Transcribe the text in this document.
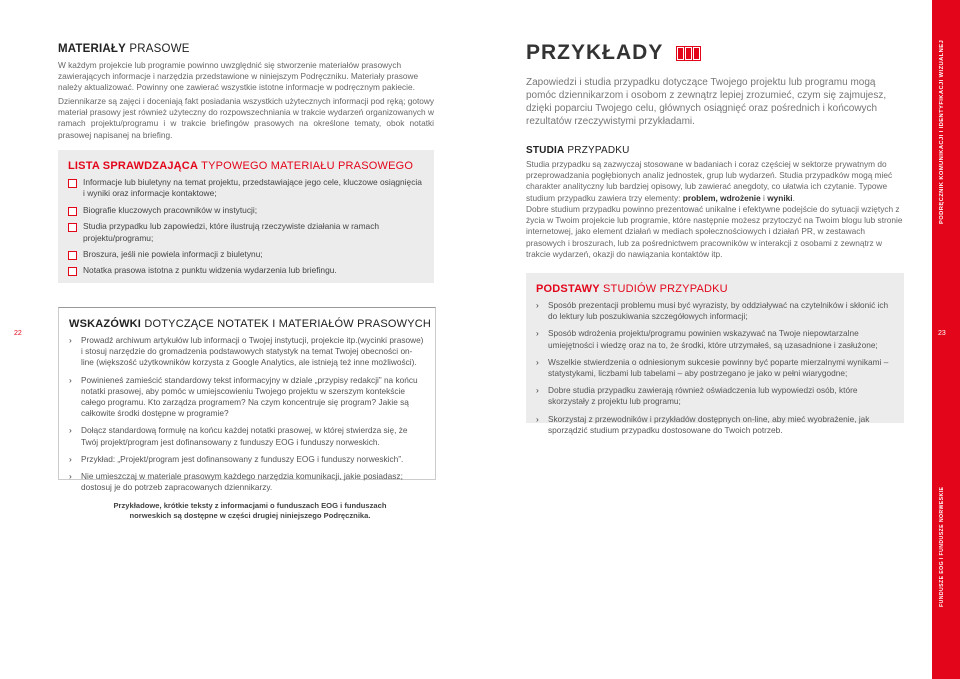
MATERIAŁY PRASOWE

W każdym projekcie lub programie powinno uwzględnić się stworzenie materiałów prasowych zawierających informacje i narzędzia przedstawione w niniejszym Podręczniku. Materiały prasowe należy aktualizować. Powinny one zawierać wszystkie istotne informacje w podręcznym pakiecie.

Dziennikarze są zajęci i doceniają fakt posiadania wszystkich użytecznych informacji pod ręką; gotowy materiał prasowy jest również użyteczny do rozpowszechniania w trakcie wydarzeń organizowanych w ramach projektu/programu i w trakcie briefingów prasowych na określone tematy, obok notatki prasowej napisanej na briefing.

LISTA SPRAWDZAJĄCA TYPOWEGO MATERIAŁU PRASOWEGO
Informacje lub biuletyny na temat projektu, przedstawiające jego cele, kluczowe osiągnięcia i wyniki oraz informacje kontaktowe;
Biografie kluczowych pracowników w instytucji;
Studia przypadku lub zapowiedzi, które ilustrują rzeczywiste działania w ramach projektu/programu;
Broszura, jeśli nie powiela informacji z biuletynu;
Notatka prasowa istotna z punktu widzenia wydarzenia lub briefingu.
WSKAZÓWKI DOTYCZĄCE NOTATEK I MATERIAŁÓW PRASOWYCH
›	Prowadź archiwum artykułów lub informacji o Twojej instytucji, projekcie itp.(wycinki prasowe) i stosuj narzędzie do gromadzenia podstawowych statystyk na temat Twojej obecności on-line (większość użytkowników korzysta z Google Analytics, ale istnieją też inne możliwości).
›	Powinieneś zamieścić standardowy tekst informacyjny w dziale „przypisy redakcji” na końcu notatki prasowej, aby pomóc w umiejscowieniu Twojego projektu w szerszym kontekście całego programu. Kto zarządza programem? Na czym koncentruje się program? Jakie są całkowite środki dostępne w programie?
›	Dołącz standardową formułę na końcu każdej notatki prasowej, w której stwierdza się, że Twój projekt/program jest dofinansowany z funduszy EOG i funduszy norweskich.
›	Przykład: „Projekt/program jest dofinansowany z funduszy EOG i funduszy norweskich”.
›	Nie umieszczaj w materiale prasowym każdego narzędzia komunikacji, jakie posiadasz; dostosuj je do potrzeb zapracowanych dziennikarzy.

Przykładowe, krótkie teksty z informacjami o funduszach EOG i funduszach norweskich są dostępne w części drugiej niniejszego Podręcznika.

22
PRZYKŁADY

Zapowiedzi i studia przypadku dotyczące Twojego projektu lub programu mogą pomóc dziennikarzom i osobom z zewnątrz lepiej zrozumieć, czym się zajmujesz, dzięki poparciu Twojego celu, głównych osiągnięć oraz pośrednich i końcowych rezultatów rzeczywistymi przykładami.

STUDIA PRZYPADKU

Studia przypadku są zazwyczaj stosowane w badaniach i coraz częściej w sektorze prywatnym do przeprowadzania pogłębionych analiz jednostek, grup lub wydarzeń. Studia przypadków mogą mieć charakter analityczny lub bardziej opisowy, lub zawierać anegdoty, co ułatwia ich czytanie. Typowe studium przypadku zawiera trzy elementy: problem, wdrożenie i wyniki.

Dobre studium przypadku powinno prezentować unikalne i efektywne podejście do sytuacji wziętych z życia w Twoim projekcie lub programie, które następnie możesz przytoczyć na Twoim blogu lub stronie internetowej, jako element działań w mediach społecznościowych i działań PR, w zestawach prasowych i broszurach, lub za pośrednictwem pracowników w interakcji z osobami z zewnątrz w trakcie wydarzeń, okazji do nawiązania kontaktów itp.

PODSTAWY STUDIÓW PRZYPADKU
›	Sposób prezentacji problemu musi być wyrazisty, by oddziaływać na czytelników i skłonić ich do lektury lub poszukiwania szczegółowych informacji;
›	Sposób wdrożenia projektu/programu powinien wskazywać na Twoje niepowtarzalne umiejętności i wiedzę oraz na to, że środki, które utrzymałeś, są uzasadnione i zasłużone;
›	Wszelkie stwierdzenia o odniesionym sukcesie powinny być poparte mierzalnymi wynikami – statystykami, liczbami lub tabelami – aby postrzegano je jako w pełni wiarygodne;
›	Dobre studia przypadku zawierają również oświadczenia lub wypowiedzi osób, które skorzystały z projektu lub programu;
›	Skorzystaj z przewodników i przykładów dostępnych on-line, aby mieć wyobrażenie, jak sporządzić studium przypadku dostosowane do Twoich potrzeb.
23
PODRĘCZNIK KOMUNIKACJI I IDENTYFIKACJI WIZUALNEJ
FUNDUSZE EOG I FUNDUSZE NORWESKIE
